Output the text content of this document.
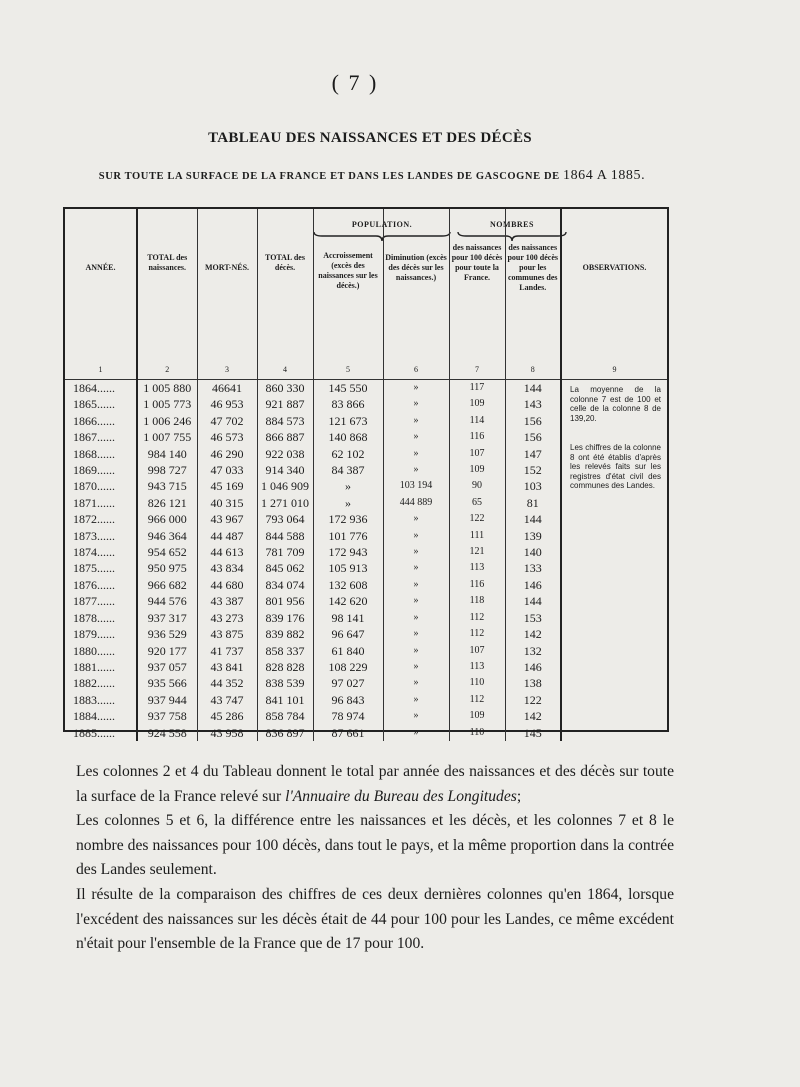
( 7 )
TABLEAU DES NAISSANCES ET DES DÉCÈS
SUR TOUTE LA SURFACE DE LA FRANCE ET DANS LES LANDES DE GASCOGNE DE 1864 A 1885.
POPULATION.	NOMBRES
ANNÉE.	TOTAL des naissances.	MORT-NÉS.	TOTAL des décès.	Accroissement (excès des naissances sur les décès.)	Diminution (excès des décès sur les naissances.)	des naissances pour 100 décès pour toute la France.	des naissances pour 100 décès pour les communes des Landes.	OBSERVATIONS.
1	2	3	4	5	6	7	8	9
1864......	1 005 880	46641	860 330	145 550	»	117	144	La moyenne de la colonne 7 est de 100 et celle de la colonne 8 de 139,20.
Les chiffres de la colonne 8 ont été établis d'après les relevés faits sur les registres d'état civil des communes des Landes.

1865......	1 005 773	46 953	921 887	83 866	»	109	143	
1866......	1 006 246	47 702	884 573	121 673	»	114	156	
1867......	1 007 755	46 573	866 887	140 868	»	116	156	
1868......	984 140	46 290	922 038	62 102	»	107	147	
1869......	998 727	47 033	914 340	84 387	»	109	152	
1870......	943 715	45 169	1 046 909	»	103 194	90	103	
1871......	826 121	40 315	1 271 010	»	444 889	65	81	
1872......	966 000	43 967	793 064	172 936	»	122	144	
1873......	946 364	44 487	844 588	101 776	»	111	139	
1874......	954 652	44 613	781 709	172 943	»	121	140	
1875......	950 975	43 834	845 062	105 913	»	113	133	
1876......	966 682	44 680	834 074	132 608	»	116	146	
1877......	944 576	43 387	801 956	142 620	»	118	144	
1878......	937 317	43 273	839 176	98 141	»	112	153	
1879......	936 529	43 875	839 882	96 647	»	112	142	
1880......	920 177	41 737	858 337	61 840	»	107	132	
1881......	937 057	43 841	828 828	108 229	»	113	146	
1882......	935 566	44 352	838 539	97 027	»	110	138	
1883......	937 944	43 747	841 101	96 843	»	112	122	
1884......	937 758	45 286	858 784	78 974	»	109	142	
1885......	924 558	43 958	836 897	87 661	»	110	145	

Les colonnes 2 et 4 du Tableau donnent le total par année des naissances et des décès sur toute la surface de la France relevé sur l'Annuaire du Bureau des Longitudes;

Les colonnes 5 et 6, la différence entre les naissances et les décès, et les colonnes 7 et 8 le nombre des naissances pour 100 décès, dans tout le pays, et la même proportion dans la contrée des Landes seulement.

Il résulte de la comparaison des chiffres de ces deux dernières colonnes qu'en 1864, lorsque l'excédent des naissances sur les décès était de 44 pour 100 pour les Landes, ce même excédent n'était pour l'ensemble de la France que de 17 pour 100.
